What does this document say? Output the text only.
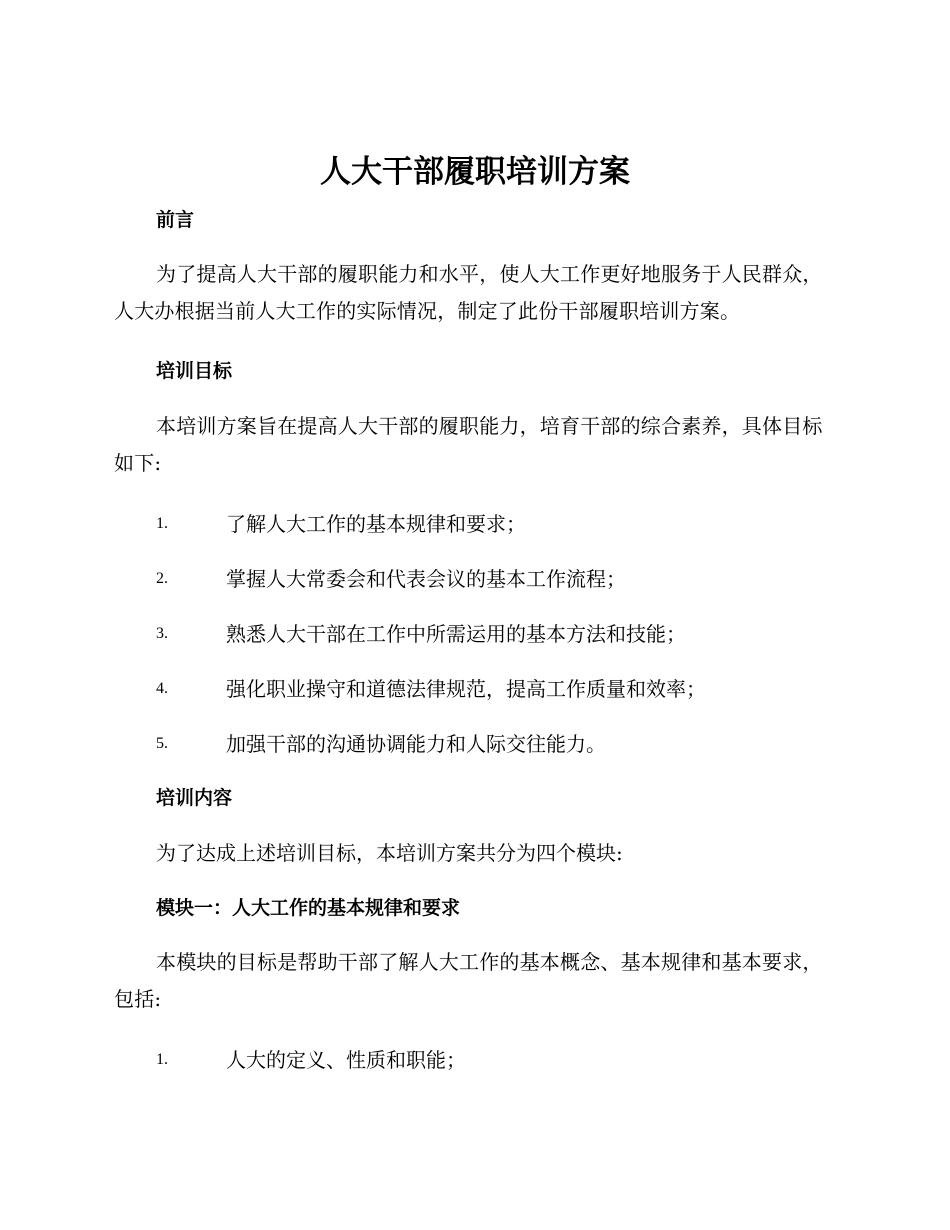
人大干部履职培训方案
前言
为了提高人大干部的履职能力和水平，使人大工作更好地服务于人民群众，人大办根据当前人大工作的实际情况，制定了此份干部履职培训方案。
培训目标
本培训方案旨在提高人大干部的履职能力，培育干部的综合素养，具体目标如下:
1.	了解人大工作的基本规律和要求；
2.	掌握人大常委会和代表会议的基本工作流程；
3.	熟悉人大干部在工作中所需运用的基本方法和技能；
4.	强化职业操守和道德法律规范，提高工作质量和效率；
5.	加强干部的沟通协调能力和人际交往能力。
培训内容
为了达成上述培训目标，本培训方案共分为四个模块:
模块一：人大工作的基本规律和要求
本模块的目标是帮助干部了解人大工作的基本概念、基本规律和基本要求，包括:
1.	人大的定义、性质和职能；
